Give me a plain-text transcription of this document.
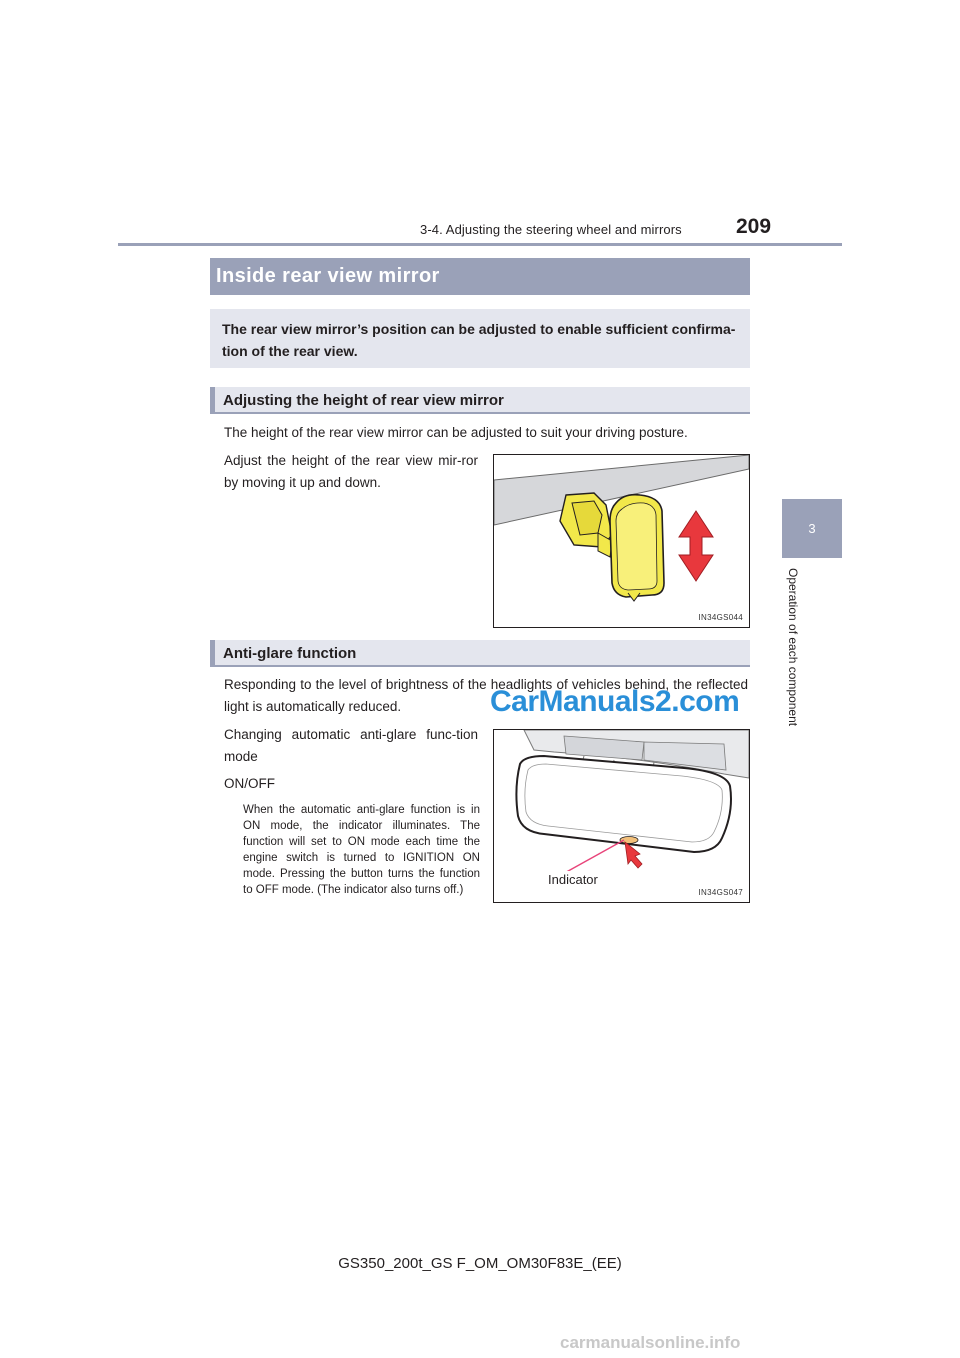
3-4. Adjusting the steering wheel and mirrors	209
3
Operation of each component
Inside rear view mirror
The rear view mirror’s position can be adjusted to enable sufficient confirma-tion of the rear view.
Adjusting the height of rear view mirror
The height of the rear view mirror can be adjusted to suit your driving posture.
Adjust the height of the rear view mir-ror by moving it up and down.
IN34GS044
Anti-glare function
Responding to the level of brightness of the headlights of vehicles behind, the reflected light is automatically reduced.
Changing automatic anti-glare func-tion mode
ON/OFF
When the automatic anti-glare function is in ON mode, the indicator illuminates. The function will set to ON mode each time the engine switch is turned to IGNITION ON mode. Pressing the button turns the function to OFF mode. (The indicator also turns off.)
Indicator
IN34GS047
CarManuals2.com
GS350_200t_GS F_OM_OM30F83E_(EE)
carmanualsonline.info
